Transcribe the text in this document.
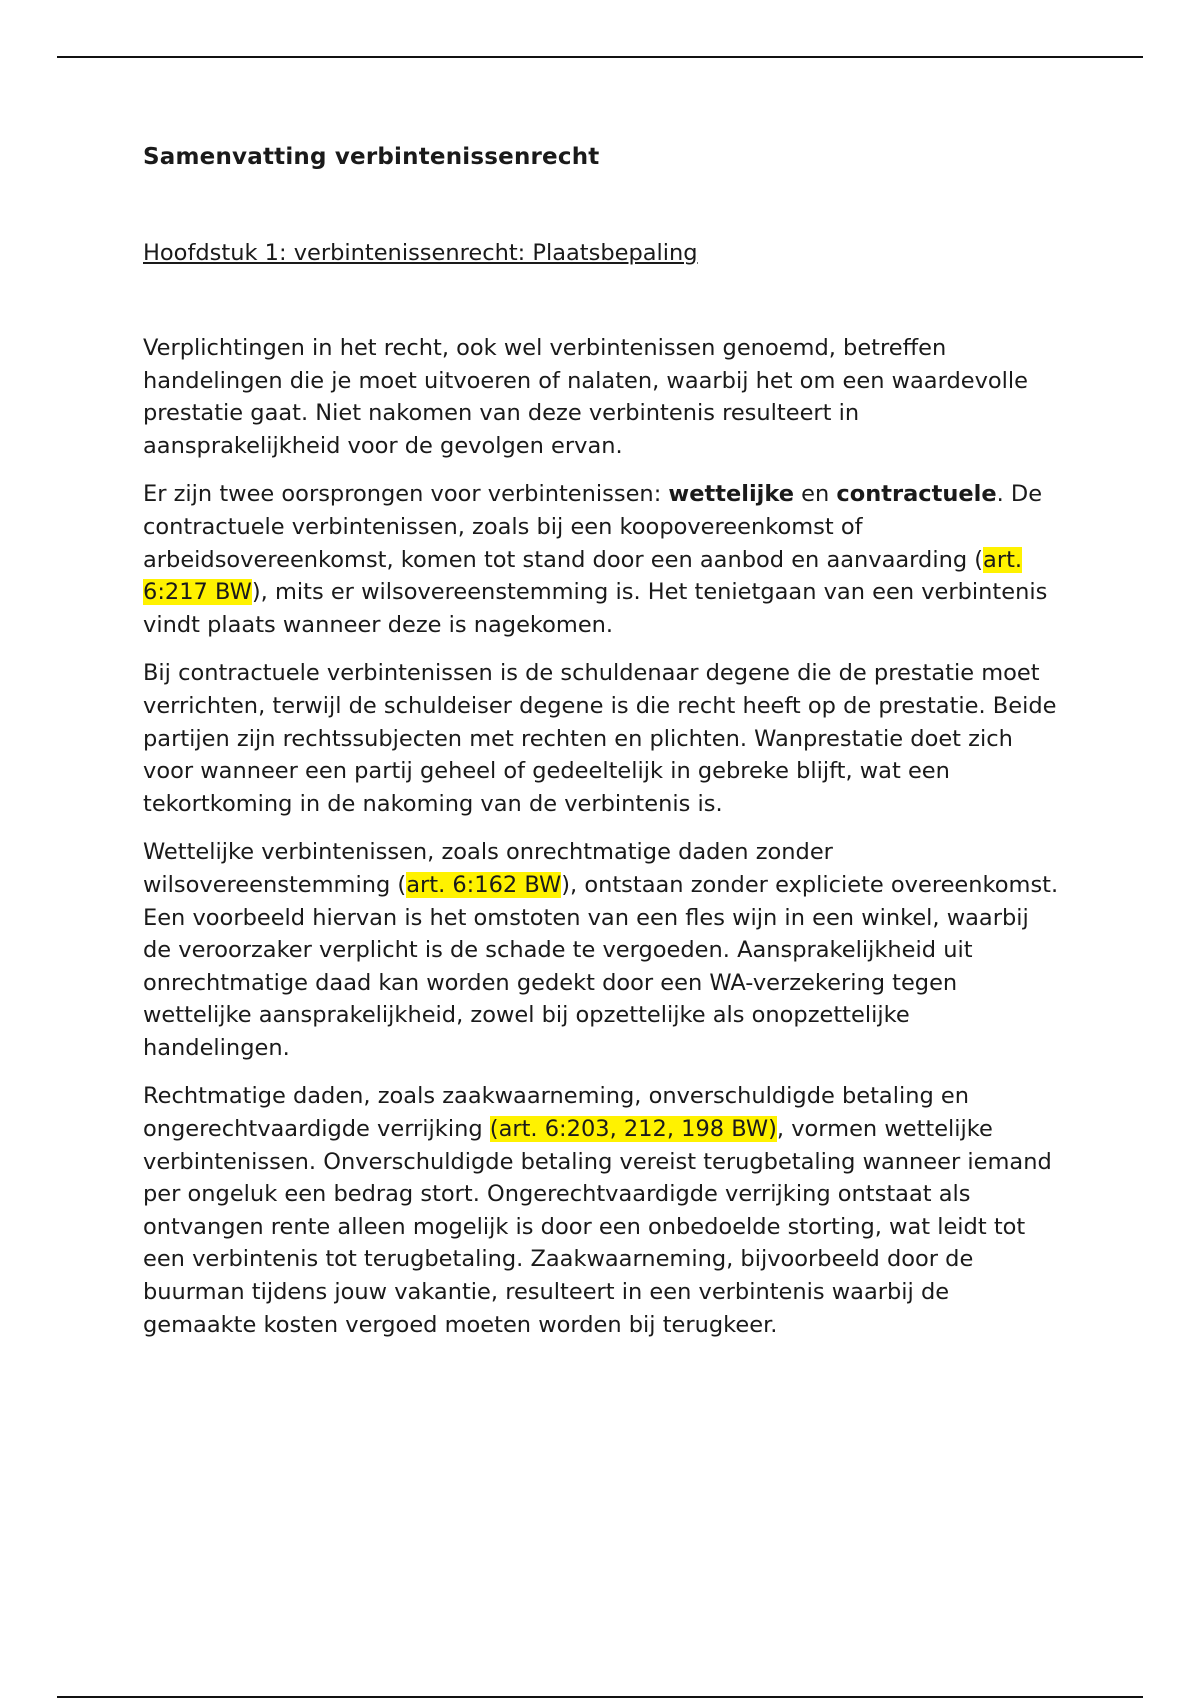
Samenvatting verbintenissenrecht
Hoofdstuk 1: verbintenissenrecht: Plaatsbepaling

Verplichtingen in het recht, ook wel verbintenissen genoemd, betreffen handelingen die je moet uitvoeren of nalaten, waarbij het om een waardevolle prestatie gaat. Niet nakomen van deze verbintenis resulteert in aansprakelijkheid voor de gevolgen ervan.

Er zijn twee oorsprongen voor verbintenissen: wettelijke en contractuele. De contractuele verbintenissen, zoals bij een koopovereenkomst of arbeidsovereenkomst, komen tot stand door een aanbod en aanvaarding (art. 6:217 BW), mits er wilsovereenstemming is. Het tenietgaan van een verbintenis vindt plaats wanneer deze is nagekomen.

Bij contractuele verbintenissen is de schuldenaar degene die de prestatie moet verrichten, terwijl de schuldeiser degene is die recht heeft op de prestatie. Beide partijen zijn rechtssubjecten met rechten en plichten. Wanprestatie doet zich voor wanneer een partij geheel of gedeeltelijk in gebreke blijft, wat een tekortkoming in de nakoming van de verbintenis is.

Wettelijke verbintenissen, zoals onrechtmatige daden zonder wilsovereenstemming (art. 6:162 BW), ontstaan zonder expliciete overeenkomst. Een voorbeeld hiervan is het omstoten van een fles wijn in een winkel, waarbij de veroorzaker verplicht is de schade te vergoeden. Aansprakelijkheid uit onrechtmatige daad kan worden gedekt door een WA-verzekering tegen wettelijke aansprakelijkheid, zowel bij opzettelijke als onopzettelijke handelingen.

Rechtmatige daden, zoals zaakwaarneming, onverschuldigde betaling en ongerechtvaardigde verrijking (art. 6:203, 212, 198 BW), vormen wettelijke verbintenissen. Onverschuldigde betaling vereist terugbetaling wanneer iemand per ongeluk een bedrag stort. Ongerechtvaardigde verrijking ontstaat als ontvangen rente alleen mogelijk is door een onbedoelde storting, wat leidt tot een verbintenis tot terugbetaling. Zaakwaarneming, bijvoorbeeld door de buurman tijdens jouw vakantie, resulteert in een verbintenis waarbij de gemaakte kosten vergoed moeten worden bij terugkeer.
